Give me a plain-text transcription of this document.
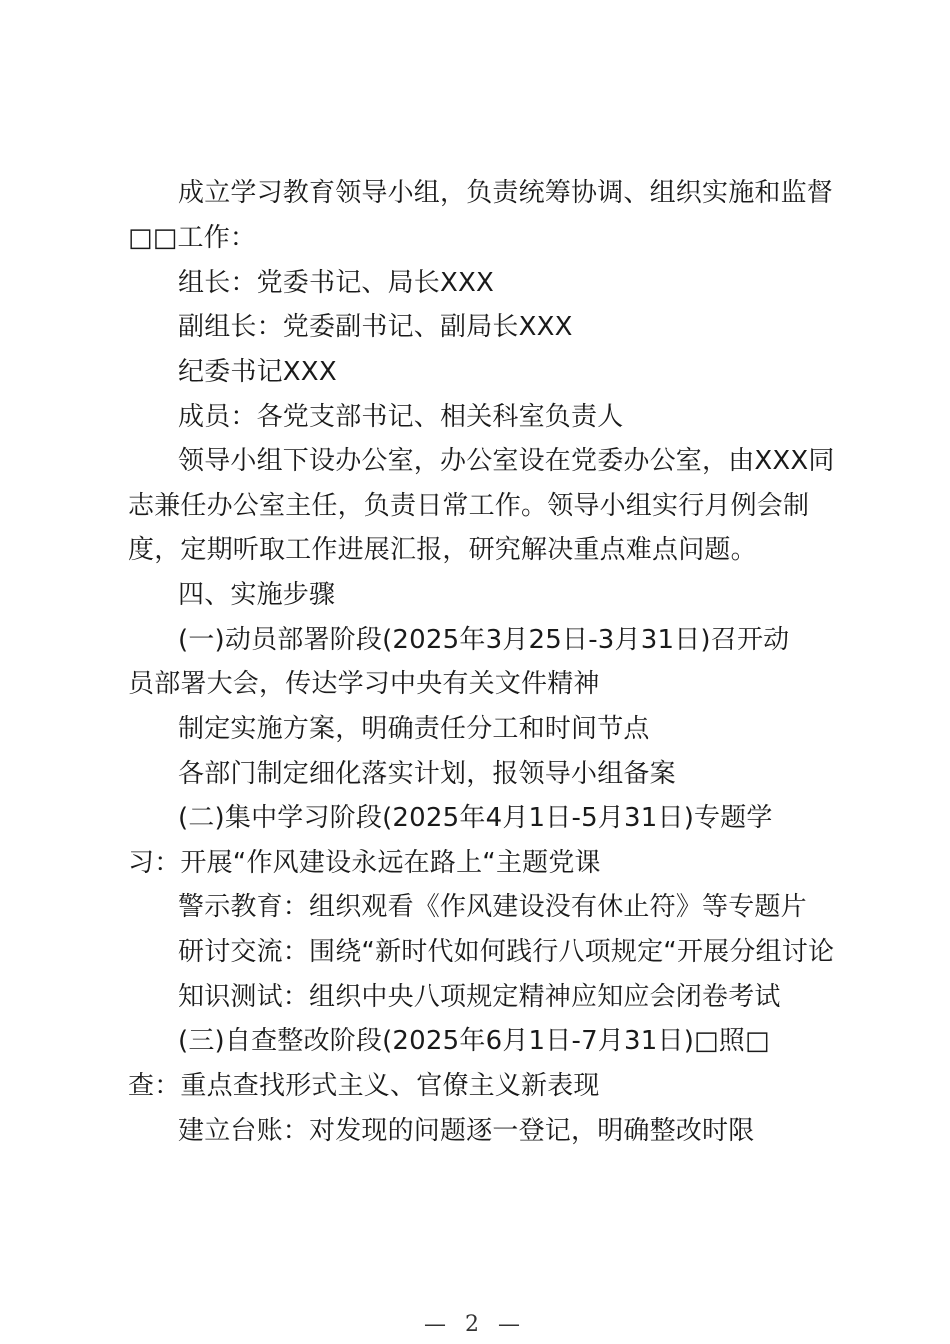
成立学习教育领导小组，负责统筹协调、组织实施和监督
□□工作：
组长：党委书记、局长XXX
副组长：党委副书记、副局长XXX
纪委书记XXX
成员：各党支部书记、相关科室负责人
领导小组下设办公室，办公室设在党委办公室，由XXX同
志兼任办公室主任，负责日常工作。领导小组实行月例会制
度，定期听取工作进展汇报，研究解决重点难点问题。
四、实施步骤
(一)动员部署阶段(2025年3月25日-3月31日)召开动
员部署大会，传达学习中央有关文件精神
制定实施方案，明确责任分工和时间节点
各部门制定细化落实计划，报领导小组备案
(二)集中学习阶段(2025年4月1日-5月31日)专题学
习：开展“作风建设永远在路上“主题党课
警示教育：组织观看《作风建设没有休止符》等专题片
研讨交流：围绕“新时代如何践行八项规定“开展分组讨论
知识测试：组织中央八项规定精神应知应会闭卷考试
(三)自查整改阶段(2025年6月1日-7月31日)□照□
查：重点查找形式主义、官僚主义新表现
建立台账：对发现的问题逐一登记，明确整改时限
— 2 —
